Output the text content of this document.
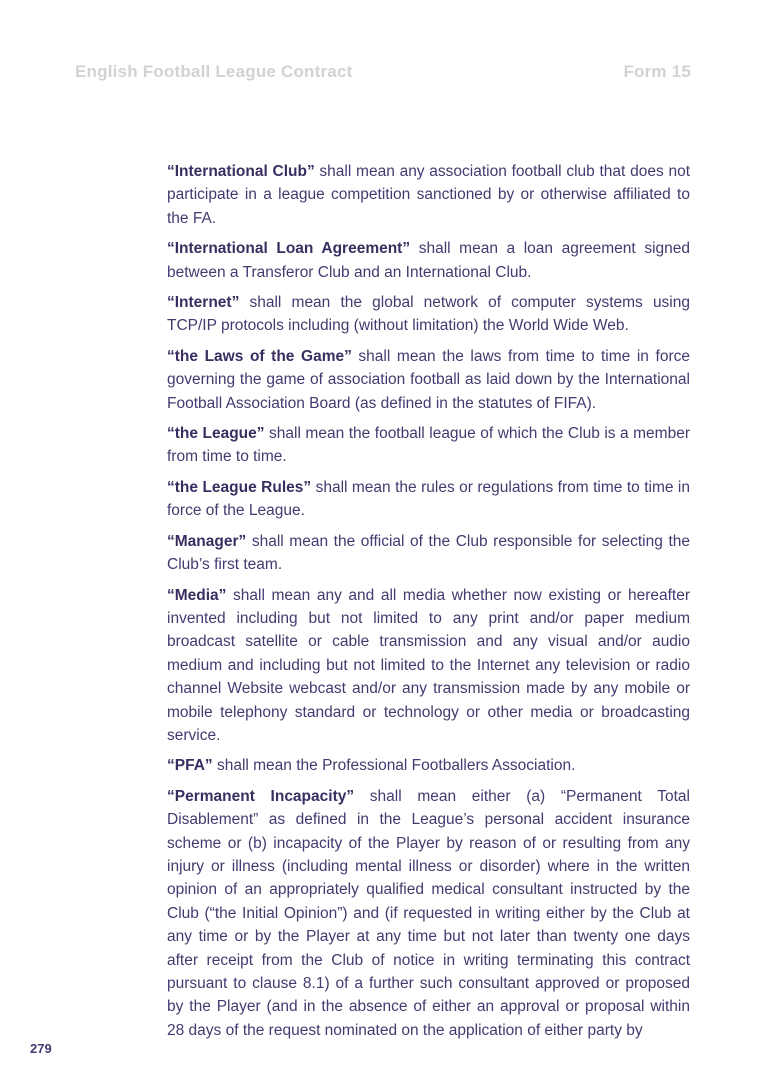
English Football League Contract	Form 15

“International Club” shall mean any association football club that does not participate in a league competition sanctioned by or otherwise affiliated to the FA.

“International Loan Agreement” shall mean a loan agreement signed between a Transferor Club and an International Club.

“Internet” shall mean the global network of computer systems using TCP/IP protocols including (without limitation) the World Wide Web.

“the Laws of the Game” shall mean the laws from time to time in force governing the game of association football as laid down by the International Football Association Board (as defined in the statutes of FIFA).

“the League” shall mean the football league of which the Club is a member from time to time.

“the League Rules” shall mean the rules or regulations from time to time in force of the League.

“Manager” shall mean the official of the Club responsible for selecting the Club’s first team.

“Media” shall mean any and all media whether now existing or hereafter invented including but not limited to any print and/or paper medium broadcast satellite or cable transmission and any visual and/or audio medium and including but not limited to the Internet any television or radio channel Website webcast and/or any transmission made by any mobile or mobile telephony standard or technology or other media or broadcasting service.

“PFA” shall mean the Professional Footballers Association.

“Permanent Incapacity” shall mean either (a) “Permanent Total Disablement” as defined in the League’s personal accident insurance scheme or (b) incapacity of the Player by reason of or resulting from any injury or illness (including mental illness or disorder) where in the written opinion of an appropriately qualified medical consultant instructed by the Club (“the Initial Opinion”) and (if requested in writing either by the Club at any time or by the Player at any time but not later than twenty one days after receipt from the Club of notice in writing terminating this contract pursuant to clause 8.1) of a further such consultant approved or proposed by the Player (and in the absence of either an approval or proposal within 28 days of the request nominated on the application of either party by

279
